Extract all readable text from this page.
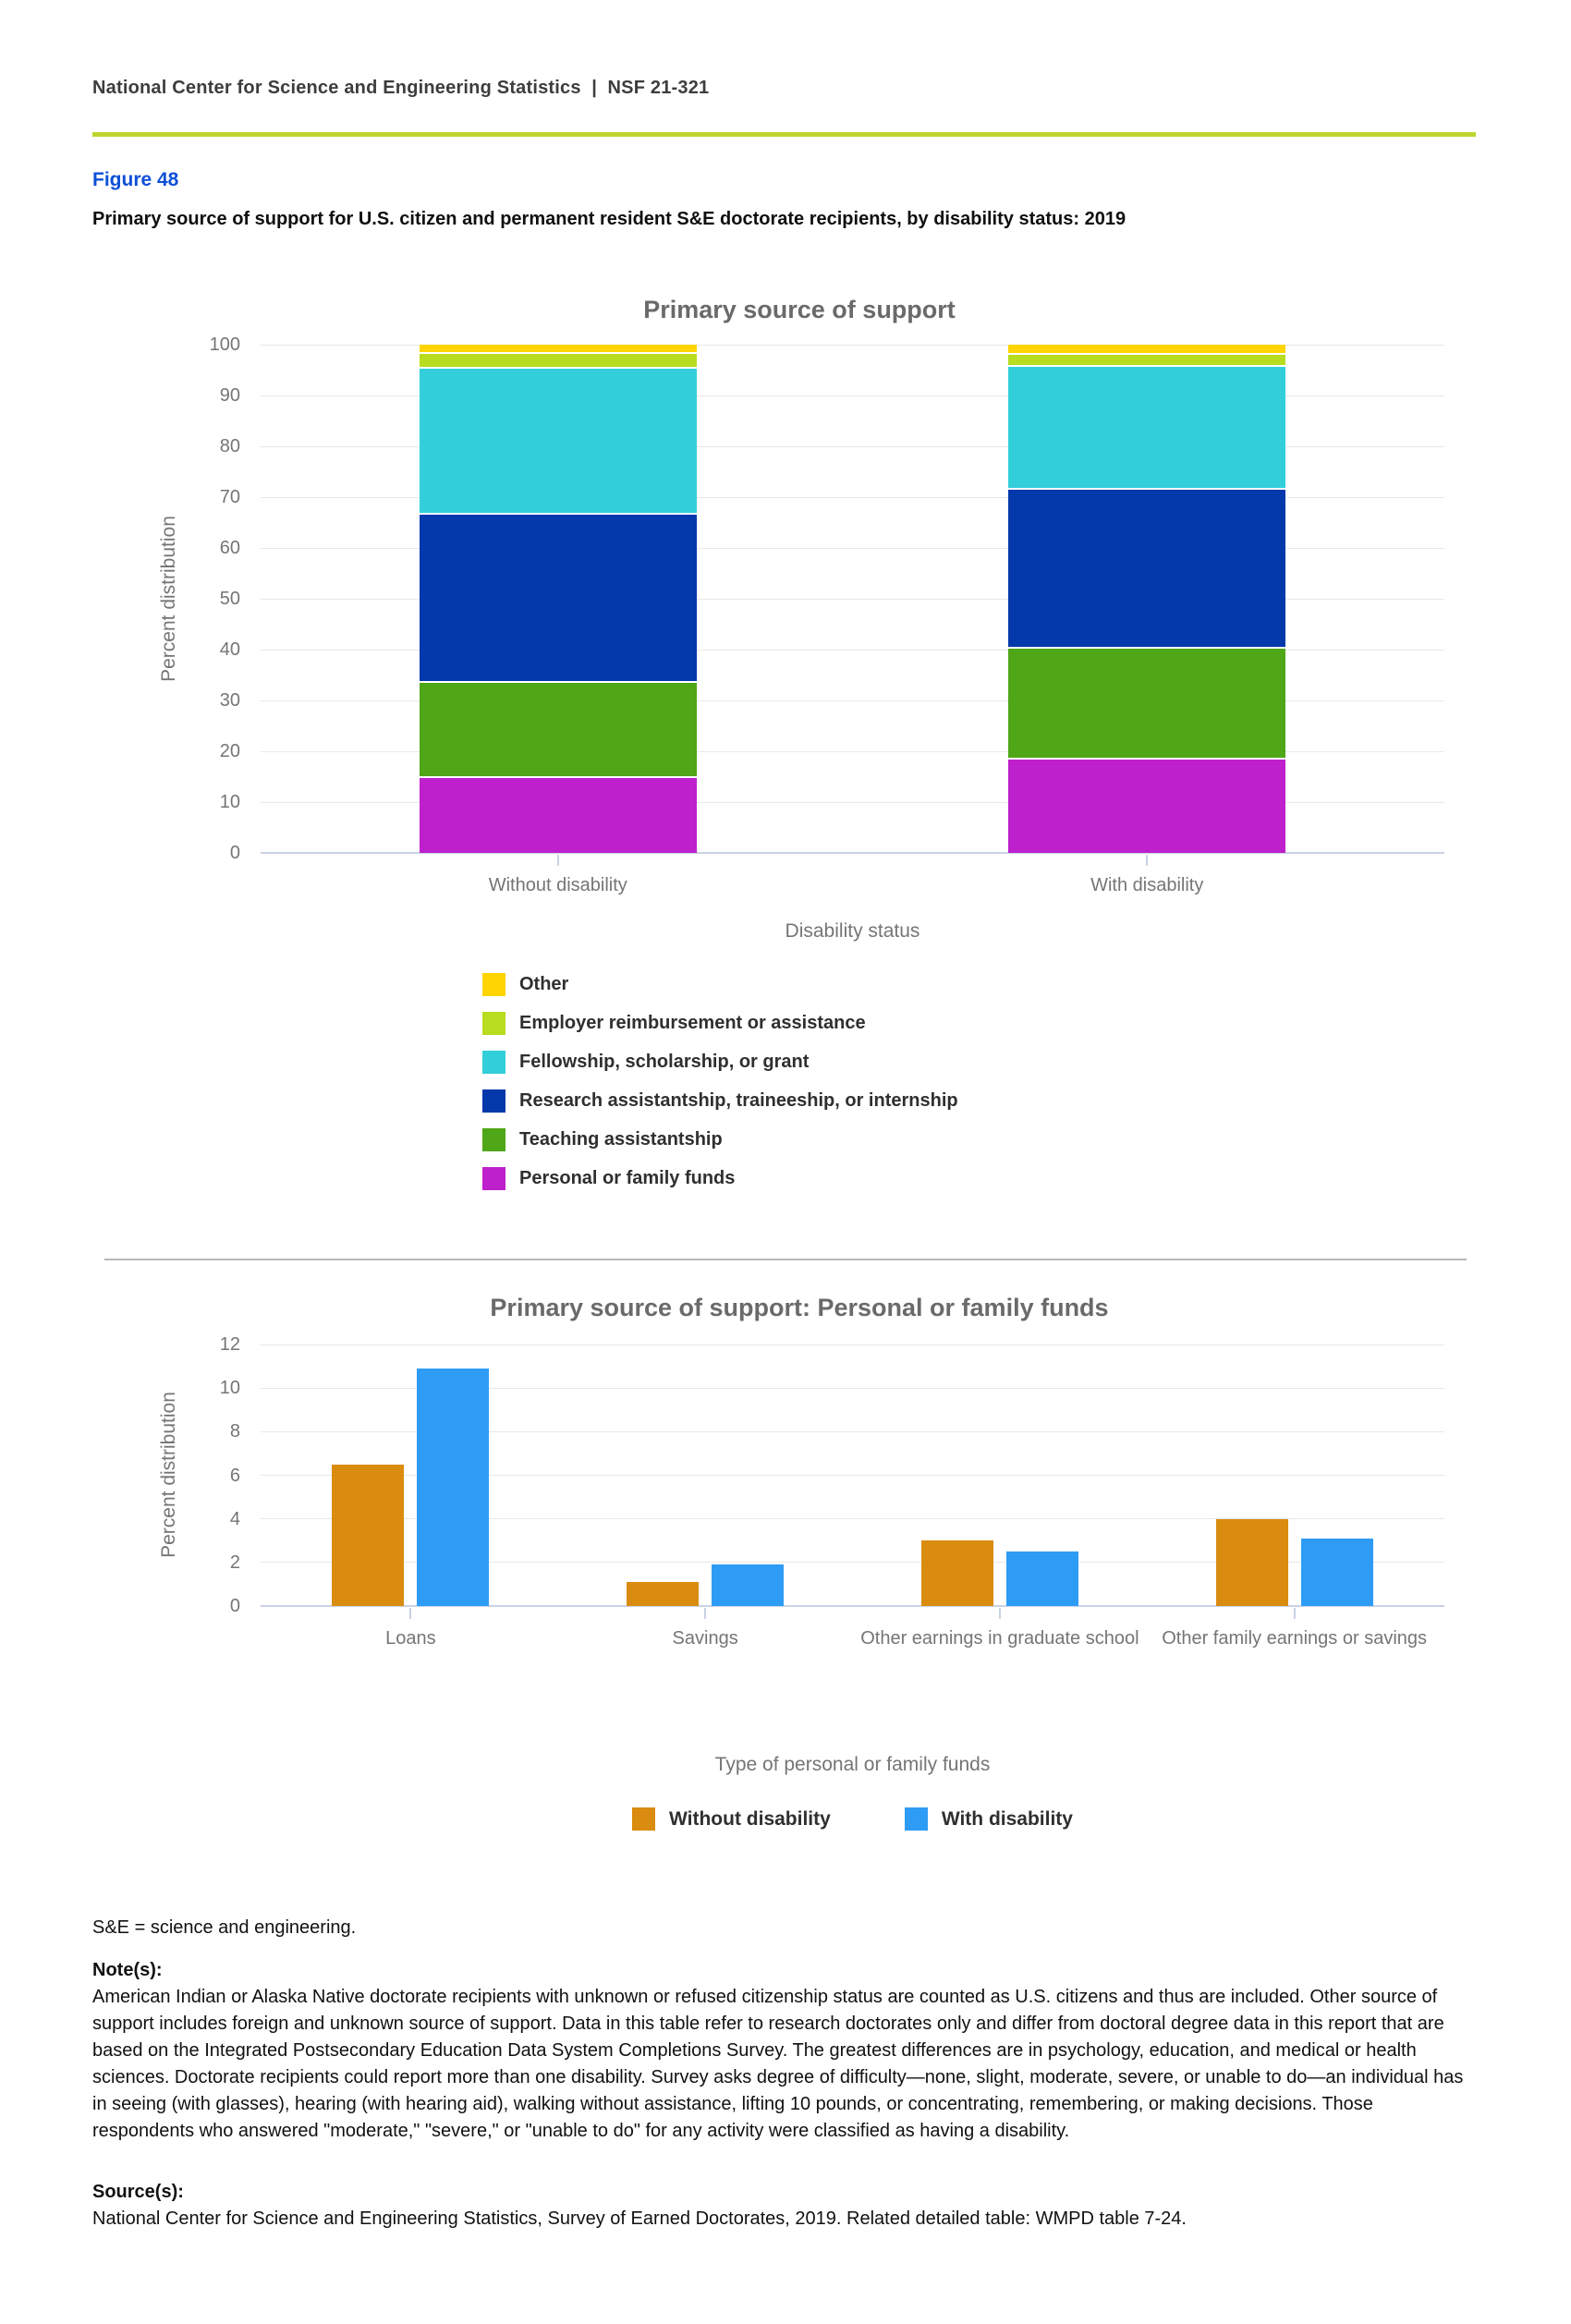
National Center for Science and Engineering Statistics  |  NSF 21-321
Figure 48
Primary source of support for U.S. citizen and permanent resident S&E doctorate recipients, by disability status: 2019
Primary source of support
Percent distribution
Disability status
Other
Employer reimbursement or assistance
Fellowship, scholarship, or grant
Research assistantship, traineeship, or internship
Teaching assistantship
Personal or family funds
Primary source of support: Personal or family funds
Percent distribution
Type of personal or family funds
Without disability	With disability
S&E = science and engineering.
Note(s):
American Indian or Alaska Native doctorate recipients with unknown or refused citizenship status are counted as U.S. citizens and thus are included. Other source of support includes foreign and unknown source of support. Data in this table refer to research doctorates only and differ from doctoral degree data in this report that are based on the Integrated Postsecondary Education Data System Completions Survey. The greatest differences are in psychology, education, and medical or health sciences. Doctorate recipients could report more than one disability. Survey asks degree of difficulty—none, slight, moderate, severe, or unable to do—an individual has in seeing (with glasses), hearing (with hearing aid), walking without assistance, lifting 10 pounds, or concentrating, remembering, or making decisions. Those respondents who answered "moderate," "severe," or "unable to do" for any activity were classified as having a disability.
Source(s):
National Center for Science and Engineering Statistics, Survey of Earned Doctorates, 2019. Related detailed table: WMPD table 7-24.
0
10
20
30
40
50
60
70
80
90
100
Without disability	With disability
0
2
4
6
8
10
12
Loans	Savings	Other earnings in graduate school	Other family earnings or savings
